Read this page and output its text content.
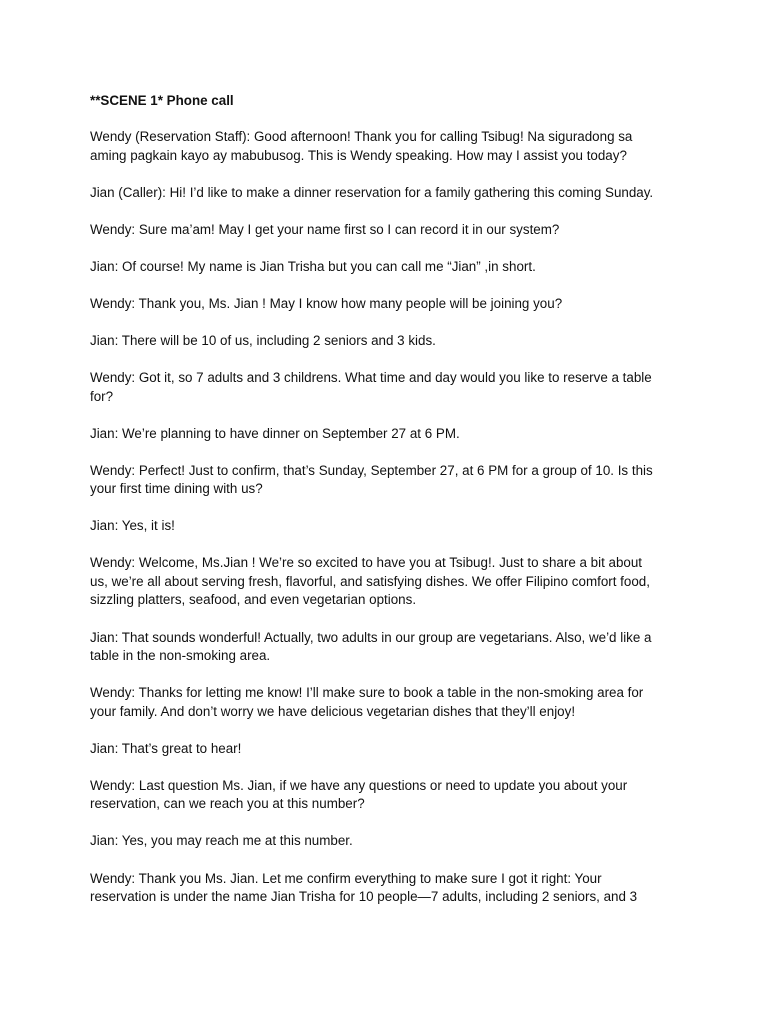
**SCENE 1* Phone call
Wendy (Reservation Staff): Good afternoon! Thank you for calling Tsibug! Na siguradong sa
aming pagkain kayo ay mabubusog. This is Wendy speaking. How may I assist you today?
Jian (Caller): Hi! I’d like to make a dinner reservation for a family gathering this coming Sunday.
Wendy: Sure ma’am! May I get your name first so I can record it in our system?
Jian: Of course! My name is Jian Trisha but you can call me “Jian” ,in short.
Wendy: Thank you, Ms. Jian ! May I know how many people will be joining you?
Jian: There will be 10 of us, including 2 seniors and 3 kids.
Wendy: Got it, so 7 adults and 3 childrens. What time and day would you like to reserve a table
for?
Jian: We’re planning to have dinner on September 27 at 6 PM.
Wendy: Perfect! Just to confirm, that’s Sunday, September 27, at 6 PM for a group of 10. Is this
your first time dining with us?
Jian: Yes, it is!
Wendy: Welcome, Ms.Jian ! We’re so excited to have you at Tsibug!. Just to share a bit about
us, we’re all about serving fresh, flavorful, and satisfying dishes. We offer Filipino comfort food,
sizzling platters, seafood, and even vegetarian options.
Jian: That sounds wonderful! Actually, two adults in our group are vegetarians. Also, we’d like a
table in the non-smoking area.
Wendy: Thanks for letting me know! I’ll make sure to book a table in the non-smoking area for
your family. And don’t worry we have delicious vegetarian dishes that they’ll enjoy!
Jian: That’s great to hear!
Wendy: Last question Ms. Jian, if we have any questions or need to update you about your
reservation, can we reach you at this number?
Jian: Yes, you may reach me at this number.
Wendy: Thank you Ms. Jian. Let me confirm everything to make sure I got it right: Your
reservation is under the name Jian Trisha for 10 people—7 adults, including 2 seniors, and 3
